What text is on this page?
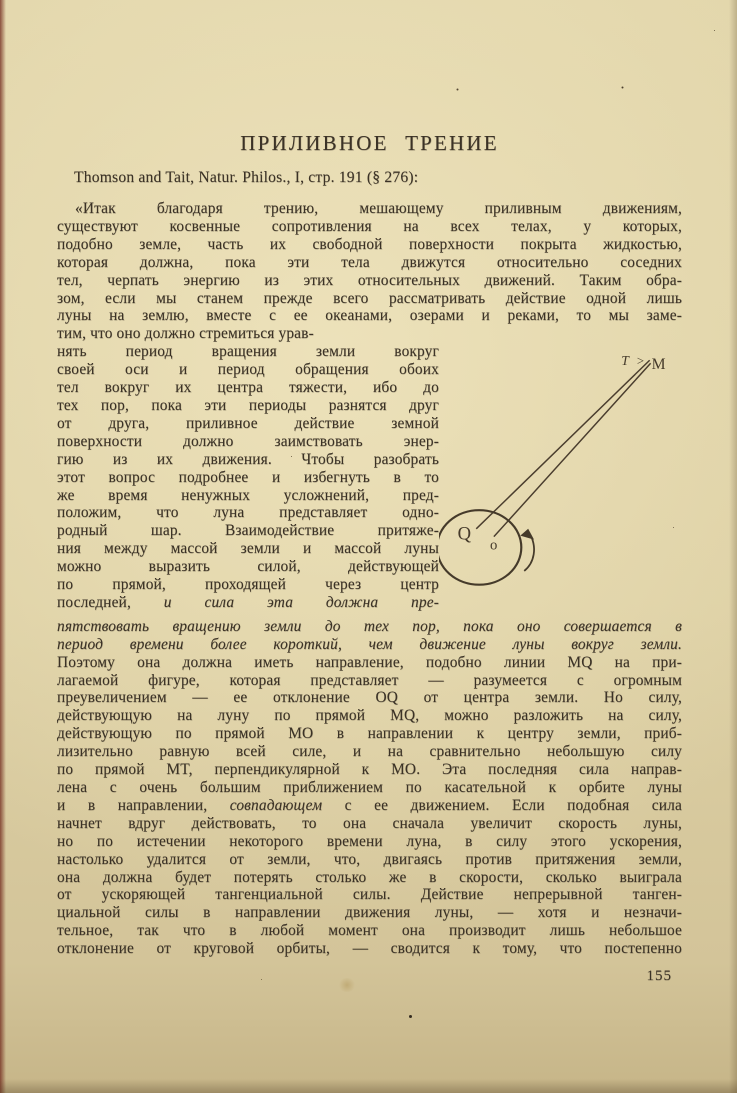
ПРИЛИВНОЕ ТРЕНИЕ

Thomson and Tait, Natur. Philos., I, стр. 191 (§ 276):

«Итак благодаря трению, мешающему приливным движениям,
существуют косвенные сопротивления на всех телах, у которых,
подобно земле, часть их свободной поверхности покрыта жидкостью,
которая должна, пока эти тела движутся относительно соседних
тел, черпать энергию из этих относительных движений. Таким обра-
зом, если мы станем прежде всего рассматривать действие одной лишь
луны на землю, вместе с ее океанами, озерами и реками, то мы заме-
тим, что оно должно стремиться урав-
нять период вращения земли вокруг
своей оси и период обращения обоих
тел вокруг их центра тяжести, ибо до
тех пор, пока эти периоды разнятся друг
от друга, приливное действие земной
поверхности должно заимствовать энер-
гию из их движения. Чтобы разобрать
этот вопрос подробнее и избегнуть в то
же время ненужных усложнений, пред-
положим, что луна представляет одно-
родный шар. Взаимодействие притяже-
ния между массой земли и массой луны
можно выразить силой, действующей
по прямой, проходящей через центр
последней, и сила эта должна пре-
T > M
Q
o
пятствовать вращению земли до тех пор, пока оно совершается в
период времени более короткий, чем движение луны вокруг земли.
Поэтому она должна иметь направление, подобно линии MQ на при-
лагаемой фигуре, которая представляет — разумеется с огромным
преувеличением — ее отклонение OQ от центра земли. Но силу,
действующую на луну по прямой MQ, можно разложить на силу,
действующую по прямой MO в направлении к центру земли, приб-
лизительно равную всей силе, и на сравнительно небольшую силу
по прямой MT, перпендикулярной к MO. Эта последняя сила направ-
лена с очень большим приближением по касательной к орбите луны
и в направлении, совпадающем с ее движением. Если подобная сила
начнет вдруг действовать, то она сначала увеличит скорость луны,
но по истечении некоторого времени луна, в силу этого ускорения,
настолько удалится от земли, что, двигаясь против притяжения земли,
она должна будет потерять столько же в скорости, сколько выиграла
от ускоряющей тангенциальной силы. Действие непрерывной танген-
циальной силы в направлении движения луны, — хотя и незначи-
тельное, так что в любой момент она производит лишь небольшое
отклонение от круговой орбиты, — сводится к тому, что постепенно
155
